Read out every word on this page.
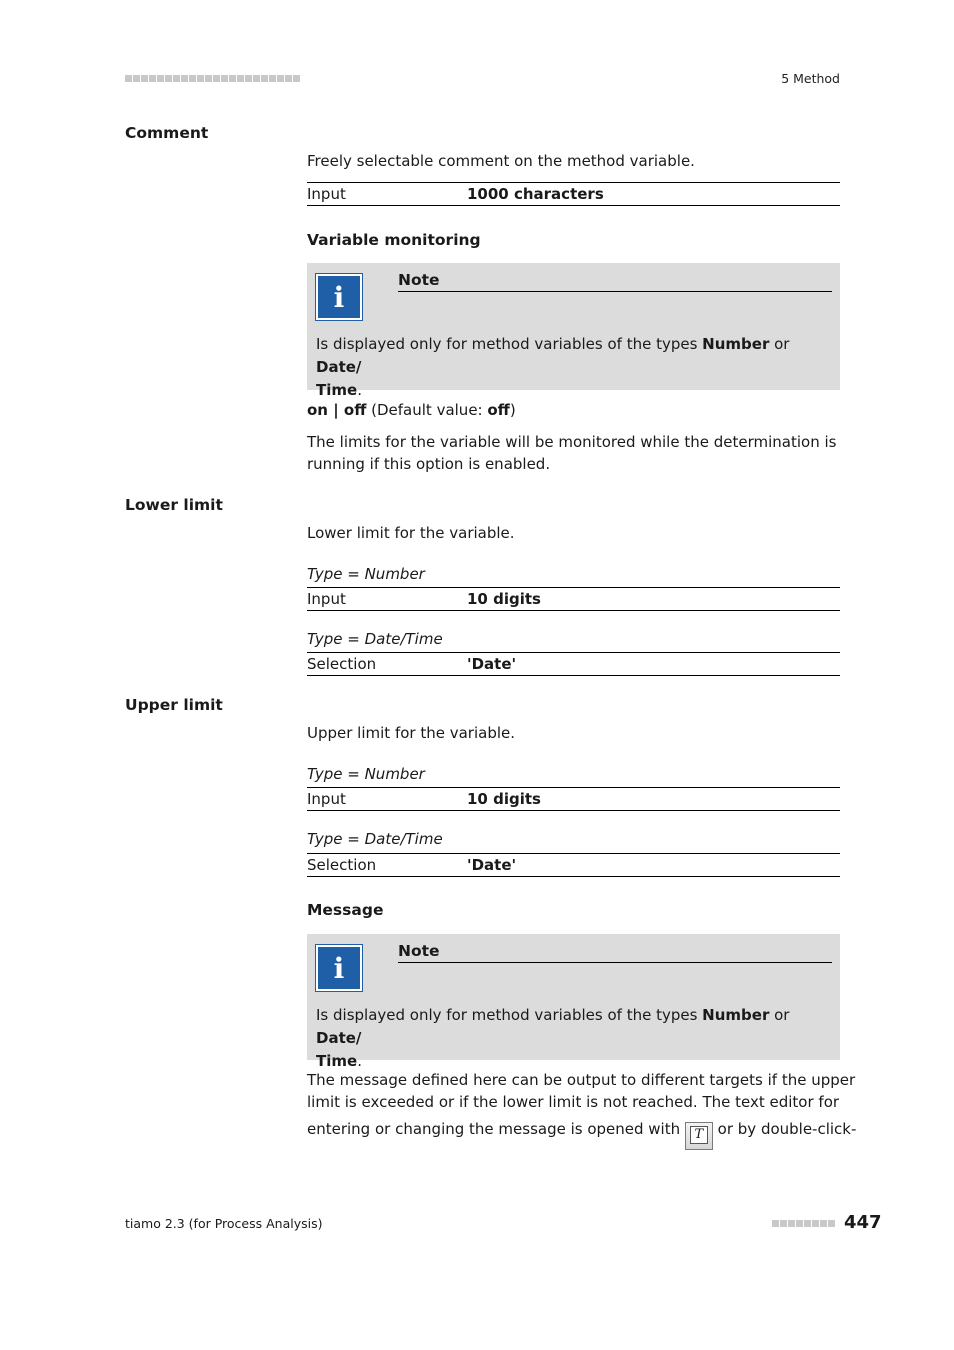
5 Method
Comment
Freely selectable comment on the method variable.
Input	1000 characters
Variable monitoring
i
Note
Is displayed only for method variables of the types Number or Date/
Time.
on | off (Default value: off)
The limits for the variable will be monitored while the determination is
running if this option is enabled.
Lower limit
Lower limit for the variable.
Type = Number
Input	10 digits
Type = Date/Time
Selection	'Date'
Upper limit
Upper limit for the variable.
Type = Number
Input	10 digits
Type = Date/Time
Selection	'Date'
Message
i
Note
Is displayed only for method variables of the types Number or Date/
Time.
The message defined here can be output to different targets if the upper
limit is exceeded or if the lower limit is not reached. The text editor for
entering or changing the message is opened with T or by double-click-
tiamo 2.3 (for Process Analysis)	447
